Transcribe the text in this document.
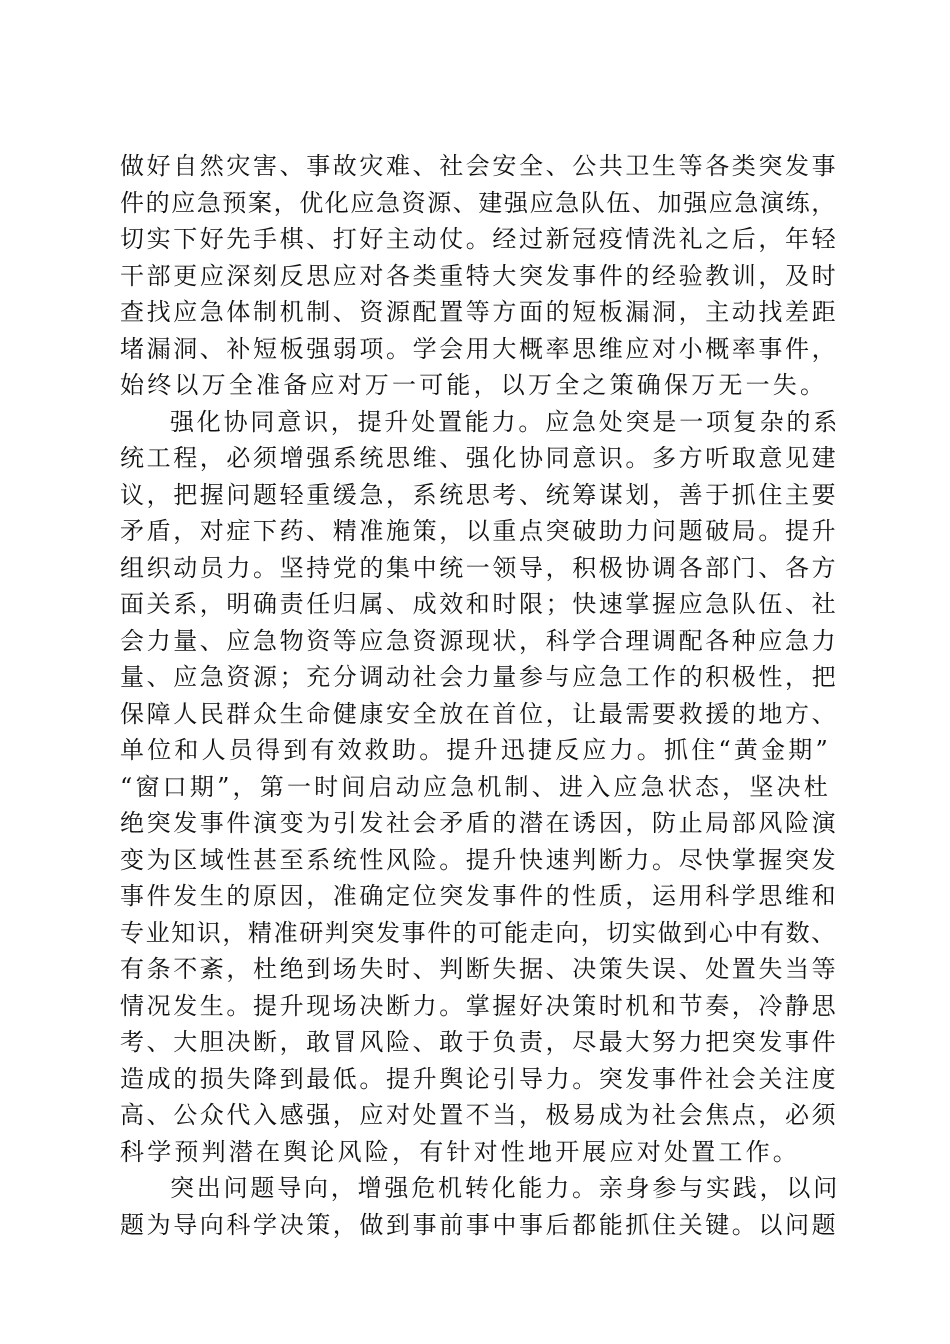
做好自然灾害、事故灾难、社会安全、公共卫生等各类突发事
件的应急预案，优化应急资源、建强应急队伍、加强应急演练，
切实下好先手棋、打好主动仗。经过新冠疫情洗礼之后，年轻
干部更应深刻反思应对各类重特大突发事件的经验教训，及时
查找应急体制机制、资源配置等方面的短板漏洞，主动找差距
堵漏洞、补短板强弱项。学会用大概率思维应对小概率事件，
始终以万全准备应对万一可能，以万全之策确保万无一失。
强化协同意识，提升处置能力。应急处突是一项复杂的系
统工程，必须增强系统思维、强化协同意识。多方听取意见建
议，把握问题轻重缓急，系统思考、统筹谋划，善于抓住主要
矛盾，对症下药、精准施策，以重点突破助力问题破局。提升
组织动员力。坚持党的集中统一领导，积极协调各部门、各方
面关系，明确责任归属、成效和时限；快速掌握应急队伍、社
会力量、应急物资等应急资源现状，科学合理调配各种应急力
量、应急资源；充分调动社会力量参与应急工作的积极性，把
保障人民群众生命健康安全放在首位，让最需要救援的地方、
单位和人员得到有效救助。提升迅捷反应力。抓住“黄金期”
“窗口期”，第一时间启动应急机制、进入应急状态，坚决杜
绝突发事件演变为引发社会矛盾的潜在诱因，防止局部风险演
变为区域性甚至系统性风险。提升快速判断力。尽快掌握突发
事件发生的原因，准确定位突发事件的性质，运用科学思维和
专业知识，精准研判突发事件的可能走向，切实做到心中有数、
有条不紊，杜绝到场失时、判断失据、决策失误、处置失当等
情况发生。提升现场决断力。掌握好决策时机和节奏，冷静思
考、大胆决断，敢冒风险、敢于负责，尽最大努力把突发事件
造成的损失降到最低。提升舆论引导力。突发事件社会关注度
高、公众代入感强，应对处置不当，极易成为社会焦点，必须
科学预判潜在舆论风险，有针对性地开展应对处置工作。
突出问题导向，增强危机转化能力。亲身参与实践，以问
题为导向科学决策，做到事前事中事后都能抓住关键。以问题
